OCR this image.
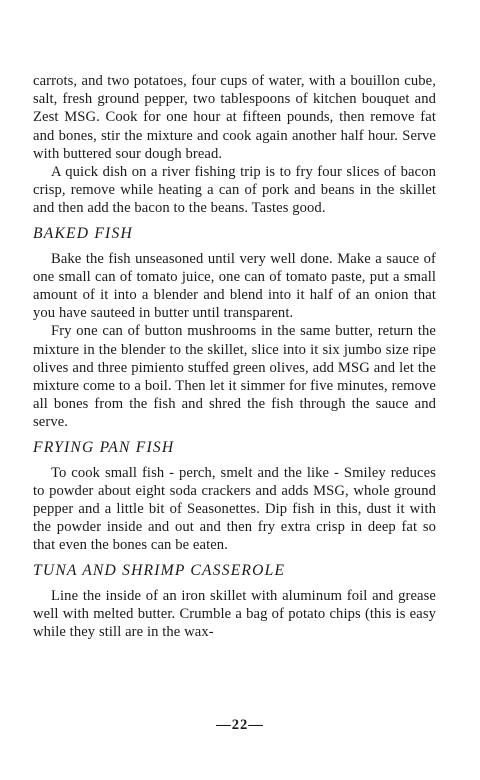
carrots, and two potatoes, four cups of water, with a bouillon cube, salt, fresh ground pepper, two tablespoons of kitchen bouquet and Zest MSG. Cook for one hour at fifteen pounds, then remove fat and bones, stir the mixture and cook again another half hour. Serve with buttered sour dough bread.

A quick dish on a river fishing trip is to fry four slices of bacon crisp, remove while heating a can of pork and beans in the skillet and then add the bacon to the beans. Tastes good.

BAKED FISH

Bake the fish unseasoned until very well done. Make a sauce of one small can of tomato juice, one can of tomato paste, put a small amount of it into a blender and blend into it half of an onion that you have sauteed in butter until transparent.

Fry one can of button mushrooms in the same butter, return the mixture in the blender to the skillet, slice into it six jumbo size ripe olives and three pimiento stuffed green olives, add MSG and let the mixture come to a boil. Then let it simmer for five minutes, remove all bones from the fish and shred the fish through the sauce and serve.

FRYING PAN FISH

To cook small fish - perch, smelt and the like - Smiley reduces to powder about eight soda crackers and adds MSG, whole ground pepper and a little bit of Seasonettes. Dip fish in this, dust it with the powder inside and out and then fry extra crisp in deep fat so that even the bones can be eaten.

TUNA AND SHRIMP CASSEROLE

Line the inside of an iron skillet with aluminum foil and grease well with melted butter. Crumble a bag of potato chips (this is easy while they still are in the wax-

—22—
